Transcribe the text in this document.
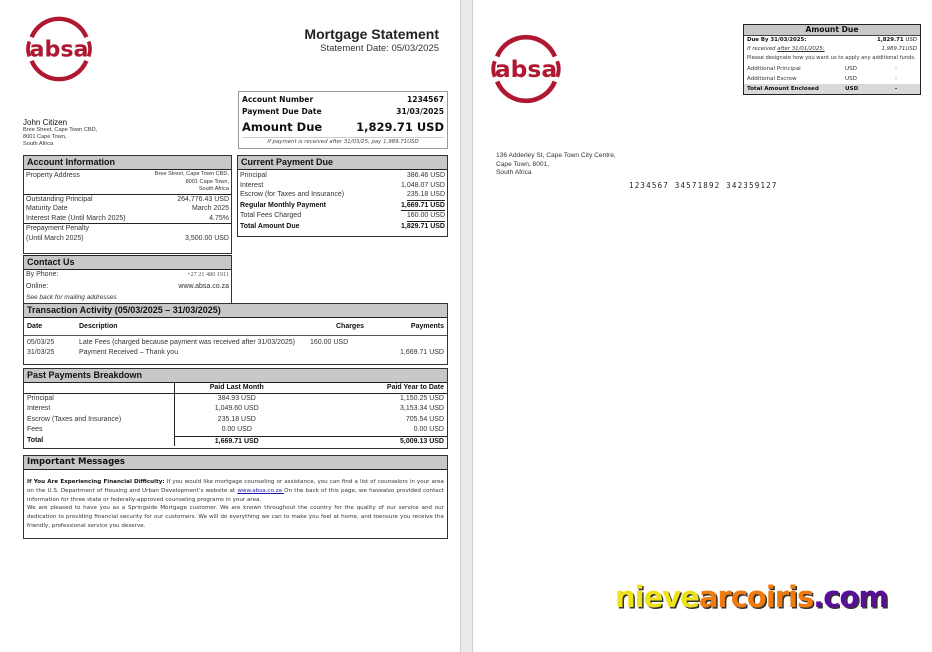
absa
Mortgage Statement
Statement Date: 05/03/2025
John Citizen
Bree Street, Cape Town CBD,
8001 Cape Town,
South Africa
Account Number	1234567
Payment Due Date	31/03/2025
Amount Due	1,829.71 USD
If payment is received after 31/03/25, pay 1,989.71USD
Account Information
Property Address	Bree Street, Cape Town CBD,
8001 Cape Town,
South Africa
Outstanding Principal	264,776.43 USD
Maturity Date	March 2025
Interest Rate (Until March 2025)	4.75%
Prepayment Penalty
(Until March 2025)	3,500.00 USD
Current Payment Due
Principal	386.46 USD
Interest	1,048.07 USD
Escrow (for Taxes and Insurance)	235.18 USD
Regular Monthly Payment	1,669.71 USD
Total Fees Charged	160.00 USD
Total Amount Due	1,829.71 USD
Contact Us
By Phone:	+27 21 480 1911
Online:	www.absa.co.za
See back for mailing addresses
Transaction Activity (05/03/2025 – 31/03/2025)
Date	Description	Charges	Payments
05/03/25	Late Fees (charged because payment was received after 31/03/2025)	160.00 USD	
31/03/25	Payment Received – Thank you		1,669.71 USD
Past Payments Breakdown
	Paid Last Month	Paid Year to Date
Principal	384.93 USD	1,150.25 USD
Interest	1,049.60 USD	3,153.34 USD
Escrow (Taxes and Insurance)	235.18 USD	705.54 USD
Fees	0.00 USD	0.00 USD
Total	1,669.71 USD	5,009.13 USD
Important Messages
If You Are Experiencing Financial Difficulty: If you would like mortgage counseling or assistance, you can find a list of counselors in your area on the U.S. Department of Housing and Urban Development’s website at www.absa.co.za On the back of this page, we havealso provided contact information for three state or federally-approved counseling programs in your area.
We are pleased to have you as a Springside Mortgage customer. We are known throughout the country for the quality of our service and our dedication to providing financial security for our customers. We will do everything we can to make you feel at home, and toensure you receive the friendly, professional service you deserve.
absa
Amount Due
Due By 31/03/2025:	1,829.71 USD
If received after 31/01/2025:	1,989.71USD
Please designate how you want us to apply any additional funds.
Additional Principal	USD	-
Additional Escrow	USD	-
Total Amount Enclosed	USD	-
136 Adderley St, Cape Town City Centre,
Cape Town, 8001,
South Africa
1234567 34571892 342359127
nievearcoiris.com
